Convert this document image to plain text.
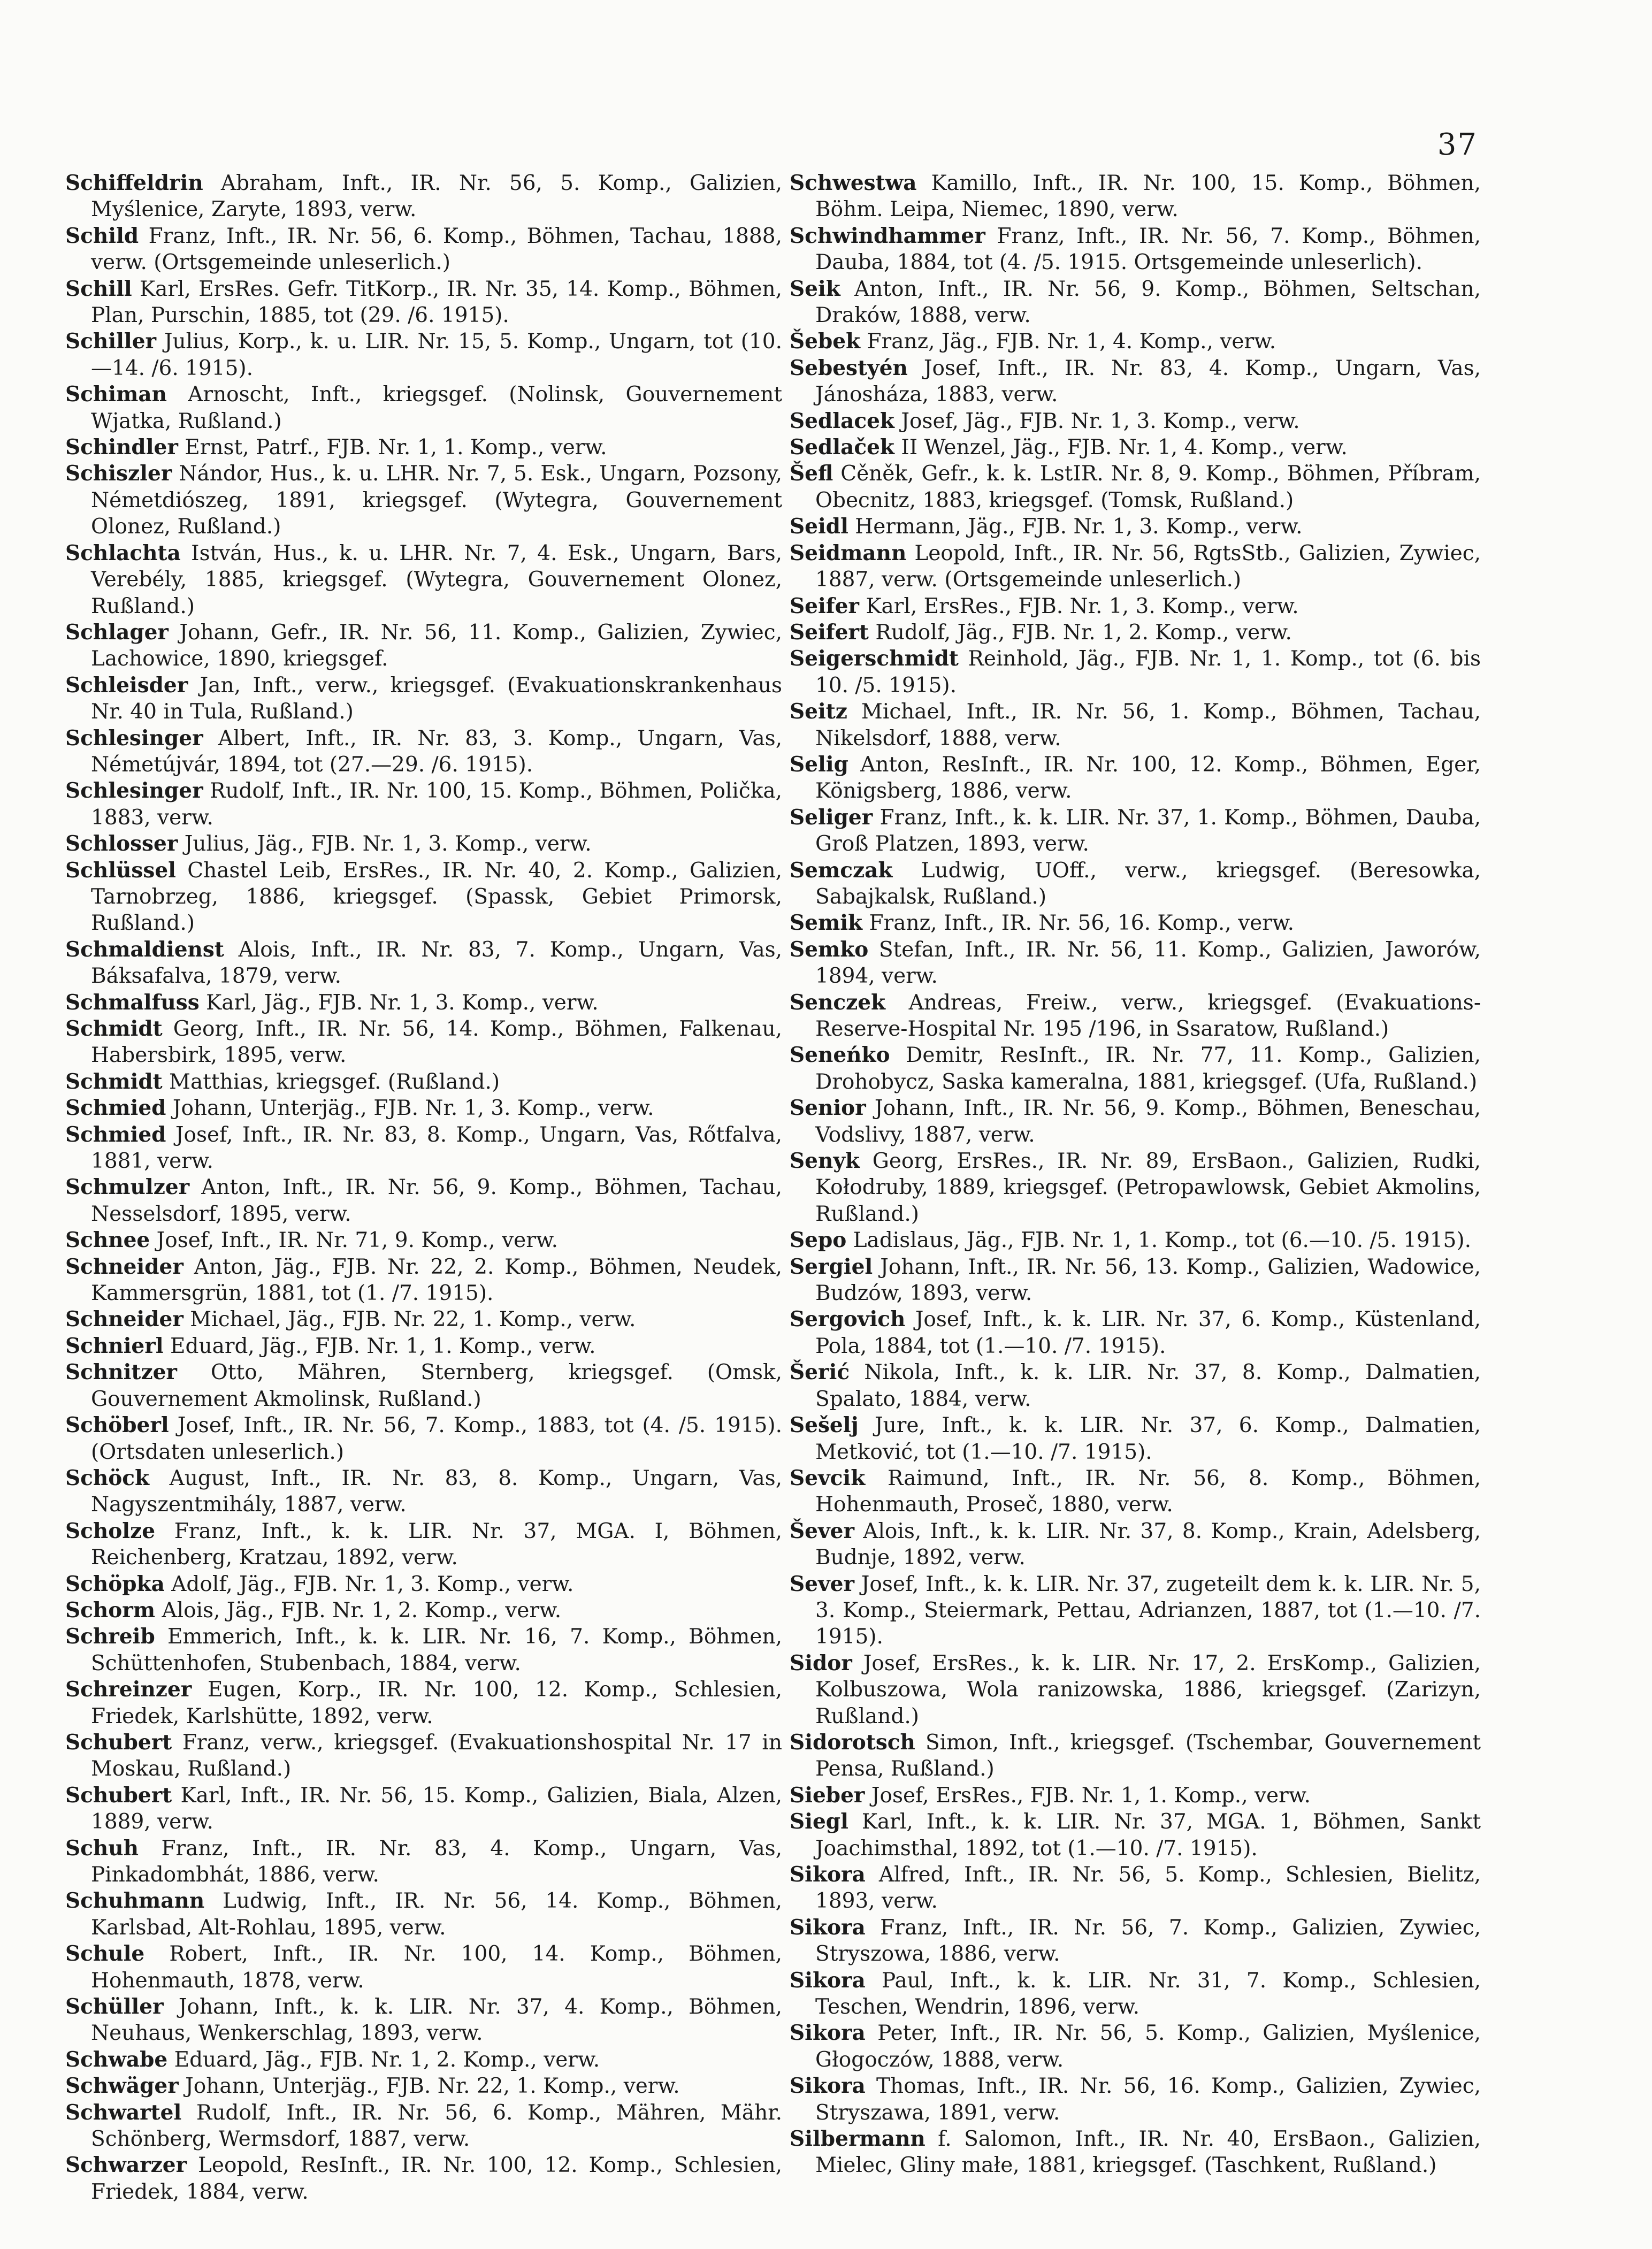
37

Schiffeldrin Abraham, Inft., IR. Nr. 56, 5. Komp., Galizien, Myślenice, Zaryte, 1893, verw.

Schild Franz, Inft., IR. Nr. 56, 6. Komp., Böhmen, Tachau, 1888, verw. (Ortsgemeinde unleserlich.)

Schill Karl, ErsRes. Gefr. TitKorp., IR. Nr. 35, 14. Komp., Böhmen, Plan, Purschin, 1885, tot (29. /6. 1915).

Schiller Julius, Korp., k. u. LIR. Nr. 15, 5. Komp., Ungarn, tot (10.—14. /6. 1915).

Schiman Arnoscht, Inft., kriegsgef. (Nolinsk, Gouvernement Wjatka, Rußland.)

Schindler Ernst, Patrf., FJB. Nr. 1, 1. Komp., verw.

Schiszler Nándor, Hus., k. u. LHR. Nr. 7, 5. Esk., Ungarn, Pozsony, Németdiószeg, 1891, kriegsgef. (Wytegra, Gouvernement Olonez, Rußland.)

Schlachta István, Hus., k. u. LHR. Nr. 7, 4. Esk., Ungarn, Bars, Verebély, 1885, kriegsgef. (Wytegra, Gouvernement Olonez, Rußland.)

Schlager Johann, Gefr., IR. Nr. 56, 11. Komp., Galizien, Zywiec, Lachowice, 1890, kriegsgef.

Schleisder Jan, Inft., verw., kriegsgef. (Evakuationskrankenhaus Nr. 40 in Tula, Rußland.)

Schlesinger Albert, Inft., IR. Nr. 83, 3. Komp., Ungarn, Vas, Németújvár, 1894, tot (27.—29. /6. 1915).

Schlesinger Rudolf, Inft., IR. Nr. 100, 15. Komp., Böhmen, Polička, 1883, verw.

Schlosser Julius, Jäg., FJB. Nr. 1, 3. Komp., verw.

Schlüssel Chastel Leib, ErsRes., IR. Nr. 40, 2. Komp., Galizien, Tarnobrzeg, 1886, kriegsgef. (Spassk, Gebiet Primorsk, Rußland.)

Schmaldienst Alois, Inft., IR. Nr. 83, 7. Komp., Ungarn, Vas, Báksafalva, 1879, verw.

Schmalfuss Karl, Jäg., FJB. Nr. 1, 3. Komp., verw.

Schmidt Georg, Inft., IR. Nr. 56, 14. Komp., Böhmen, Falkenau, Habersbirk, 1895, verw.

Schmidt Matthias, kriegsgef. (Rußland.)

Schmied Johann, Unterjäg., FJB. Nr. 1, 3. Komp., verw.

Schmied Josef, Inft., IR. Nr. 83, 8. Komp., Ungarn, Vas, Rőtfalva, 1881, verw.

Schmulzer Anton, Inft., IR. Nr. 56, 9. Komp., Böhmen, Tachau, Nesselsdorf, 1895, verw.

Schnee Josef, Inft., IR. Nr. 71, 9. Komp., verw.

Schneider Anton, Jäg., FJB. Nr. 22, 2. Komp., Böhmen, Neudek, Kammersgrün, 1881, tot (1. /7. 1915).

Schneider Michael, Jäg., FJB. Nr. 22, 1. Komp., verw.

Schnierl Eduard, Jäg., FJB. Nr. 1, 1. Komp., verw.

Schnitzer Otto, Mähren, Sternberg, kriegsgef. (Omsk, Gouvernement Akmolinsk, Rußland.)

Schöberl Josef, Inft., IR. Nr. 56, 7. Komp., 1883, tot (4. /5. 1915). (Ortsdaten unleserlich.)

Schöck August, Inft., IR. Nr. 83, 8. Komp., Ungarn, Vas, Nagyszentmihály, 1887, verw.

Scholze Franz, Inft., k. k. LIR. Nr. 37, MGA. I, Böhmen, Reichenberg, Kratzau, 1892, verw.

Schöpka Adolf, Jäg., FJB. Nr. 1, 3. Komp., verw.

Schorm Alois, Jäg., FJB. Nr. 1, 2. Komp., verw.

Schreib Emmerich, Inft., k. k. LIR. Nr. 16, 7. Komp., Böhmen, Schüttenhofen, Stubenbach, 1884, verw.

Schreinzer Eugen, Korp., IR. Nr. 100, 12. Komp., Schlesien, Friedek, Karlshütte, 1892, verw.

Schubert Franz, verw., kriegsgef. (Evakuationshospital Nr. 17 in Moskau, Rußland.)

Schubert Karl, Inft., IR. Nr. 56, 15. Komp., Galizien, Biala, Alzen, 1889, verw.

Schuh Franz, Inft., IR. Nr. 83, 4. Komp., Ungarn, Vas, Pinkadombhát, 1886, verw.

Schuhmann Ludwig, Inft., IR. Nr. 56, 14. Komp., Böhmen, Karlsbad, Alt-Rohlau, 1895, verw.

Schule Robert, Inft., IR. Nr. 100, 14. Komp., Böhmen, Hohenmauth, 1878, verw.

Schüller Johann, Inft., k. k. LIR. Nr. 37, 4. Komp., Böhmen, Neuhaus, Wenkerschlag, 1893, verw.

Schwabe Eduard, Jäg., FJB. Nr. 1, 2. Komp., verw.

Schwäger Johann, Unterjäg., FJB. Nr. 22, 1. Komp., verw.

Schwartel Rudolf, Inft., IR. Nr. 56, 6. Komp., Mähren, Mähr. Schönberg, Wermsdorf, 1887, verw.

Schwarzer Leopold, ResInft., IR. Nr. 100, 12. Komp., Schlesien, Friedek, 1884, verw.

Schwestwa Kamillo, Inft., IR. Nr. 100, 15. Komp., Böhmen, Böhm. Leipa, Niemec, 1890, verw.

Schwindhammer Franz, Inft., IR. Nr. 56, 7. Komp., Böhmen, Dauba, 1884, tot (4. /5. 1915. Ortsgemeinde unleserlich).

Seik Anton, Inft., IR. Nr. 56, 9. Komp., Böhmen, Seltschan, Draków, 1888, verw.

Šebek Franz, Jäg., FJB. Nr. 1, 4. Komp., verw.

Sebestyén Josef, Inft., IR. Nr. 83, 4. Komp., Ungarn, Vas, Jánosháza, 1883, verw.

Sedlacek Josef, Jäg., FJB. Nr. 1, 3. Komp., verw.

Sedlaček II Wenzel, Jäg., FJB. Nr. 1, 4. Komp., verw.

Šefl Cěněk, Gefr., k. k. LstIR. Nr. 8, 9. Komp., Böhmen, Příbram, Obecnitz, 1883, kriegsgef. (Tomsk, Rußland.)

Seidl Hermann, Jäg., FJB. Nr. 1, 3. Komp., verw.

Seidmann Leopold, Inft., IR. Nr. 56, RgtsStb., Galizien, Zywiec, 1887, verw. (Ortsgemeinde unleserlich.)

Seifer Karl, ErsRes., FJB. Nr. 1, 3. Komp., verw.

Seifert Rudolf, Jäg., FJB. Nr. 1, 2. Komp., verw.

Seigerschmidt Reinhold, Jäg., FJB. Nr. 1, 1. Komp., tot (6. bis 10. /5. 1915).

Seitz Michael, Inft., IR. Nr. 56, 1. Komp., Böhmen, Tachau, Nikelsdorf, 1888, verw.

Selig Anton, ResInft., IR. Nr. 100, 12. Komp., Böhmen, Eger, Königsberg, 1886, verw.

Seliger Franz, Inft., k. k. LIR. Nr. 37, 1. Komp., Böhmen, Dauba, Groß Platzen, 1893, verw.

Semczak Ludwig, UOff., verw., kriegsgef. (Beresowka, Sabajkalsk, Rußland.)

Semik Franz, Inft., IR. Nr. 56, 16. Komp., verw.

Semko Stefan, Inft., IR. Nr. 56, 11. Komp., Galizien, Jaworów, 1894, verw.

Senczek Andreas, Freiw., verw., kriegsgef. (Evakuations-Reserve-Hospital Nr. 195 /196, in Ssaratow, Rußland.)

Seneńko Demitr, ResInft., IR. Nr. 77, 11. Komp., Galizien, Drohobycz, Saska kameralna, 1881, kriegsgef. (Ufa, Rußland.)

Senior Johann, Inft., IR. Nr. 56, 9. Komp., Böhmen, Beneschau, Vodslivy, 1887, verw.

Senyk Georg, ErsRes., IR. Nr. 89, ErsBaon., Galizien, Rudki, Kołodruby, 1889, kriegsgef. (Petropawlowsk, Gebiet Akmolins, Rußland.)

Sepo Ladislaus, Jäg., FJB. Nr. 1, 1. Komp., tot (6.—10. /5. 1915).

Sergiel Johann, Inft., IR. Nr. 56, 13. Komp., Galizien, Wadowice, Budzów, 1893, verw.

Sergovich Josef, Inft., k. k. LIR. Nr. 37, 6. Komp., Küstenland, Pola, 1884, tot (1.—10. /7. 1915).

Šerić Nikola, Inft., k. k. LIR. Nr. 37, 8. Komp., Dalmatien, Spalato, 1884, verw.

Sešelj Jure, Inft., k. k. LIR. Nr. 37, 6. Komp., Dalmatien, Metković, tot (1.—10. /7. 1915).

Sevcik Raimund, Inft., IR. Nr. 56, 8. Komp., Böhmen, Hohenmauth, Proseč, 1880, verw.

Šever Alois, Inft., k. k. LIR. Nr. 37, 8. Komp., Krain, Adelsberg, Budnje, 1892, verw.

Sever Josef, Inft., k. k. LIR. Nr. 37, zugeteilt dem k. k. LIR. Nr. 5, 3. Komp., Steiermark, Pettau, Adrianzen, 1887, tot (1.—10. /7. 1915).

Sidor Josef, ErsRes., k. k. LIR. Nr. 17, 2. ErsKomp., Galizien, Kolbuszowa, Wola ranizowska, 1886, kriegsgef. (Zarizyn, Rußland.)

Sidorotsch Simon, Inft., kriegsgef. (Tschembar, Gouvernement Pensa, Rußland.)

Sieber Josef, ErsRes., FJB. Nr. 1, 1. Komp., verw.

Siegl Karl, Inft., k. k. LIR. Nr. 37, MGA. 1, Böhmen, Sankt Joachimsthal, 1892, tot (1.—10. /7. 1915).

Sikora Alfred, Inft., IR. Nr. 56, 5. Komp., Schlesien, Bielitz, 1893, verw.

Sikora Franz, Inft., IR. Nr. 56, 7. Komp., Galizien, Zywiec, Stryszowa, 1886, verw.

Sikora Paul, Inft., k. k. LIR. Nr. 31, 7. Komp., Schlesien, Teschen, Wendrin, 1896, verw.

Sikora Peter, Inft., IR. Nr. 56, 5. Komp., Galizien, Myślenice, Głogoczów, 1888, verw.

Sikora Thomas, Inft., IR. Nr. 56, 16. Komp., Galizien, Zywiec, Stryszawa, 1891, verw.

Silbermann f. Salomon, Inft., IR. Nr. 40, ErsBaon., Galizien, Mielec, Gliny małe, 1881, kriegsgef. (Taschkent, Rußland.)
